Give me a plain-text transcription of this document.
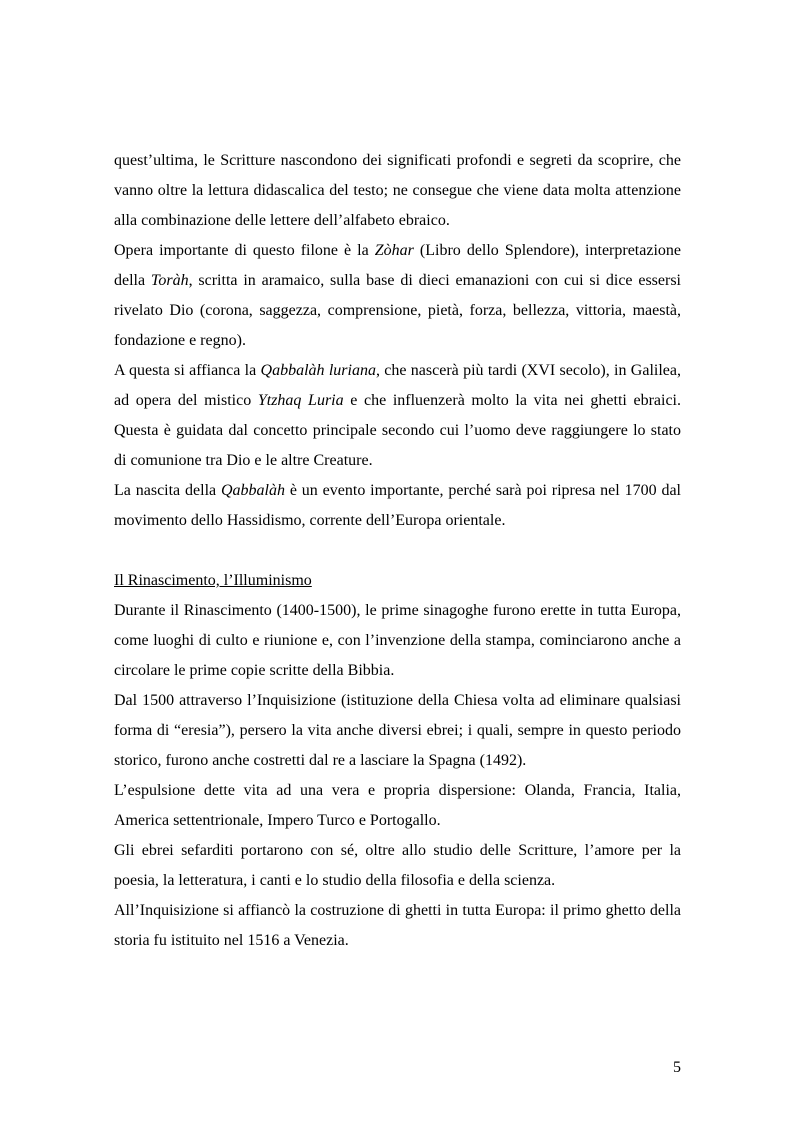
quest’ultima, le Scritture nascondono dei significati profondi e segreti da scoprire, che vanno oltre la lettura didascalica del testo; ne consegue che viene data molta attenzione alla combinazione delle lettere dell’alfabeto ebraico.

Opera importante di questo filone è la Zòhar (Libro dello Splendore), interpretazione della Toràh, scritta in aramaico, sulla base di dieci emanazioni con cui si dice essersi rivelato Dio (corona, saggezza, comprensione, pietà, forza, bellezza, vittoria, maestà, fondazione e regno).

A questa si affianca la Qabbalàh luriana, che nascerà più tardi (XVI secolo), in Galilea, ad opera del mistico Ytzhaq Luria e che influenzerà molto la vita nei ghetti ebraici. Questa è guidata dal concetto principale secondo cui l’uomo deve raggiungere lo stato di comunione tra Dio e le altre Creature.

La nascita della Qabbalàh è un evento importante, perché sarà poi ripresa nel 1700 dal movimento dello Hassidismo, corrente dell’Europa orientale.

Il Rinascimento, l’Illuminismo

Durante il Rinascimento (1400-1500), le prime sinagoghe furono erette in tutta Europa, come luoghi di culto e riunione e, con l’invenzione della stampa, cominciarono anche a circolare le prime copie scritte della Bibbia.

Dal 1500 attraverso l’Inquisizione (istituzione della Chiesa volta ad eliminare qualsiasi forma di “eresia”), persero la vita anche diversi ebrei; i quali, sempre in questo periodo storico, furono anche costretti dal re a lasciare la Spagna (1492).

L’espulsione dette vita ad una vera e propria dispersione: Olanda, Francia, Italia, America settentrionale, Impero Turco e Portogallo.

Gli ebrei sefarditi portarono con sé, oltre allo studio delle Scritture, l’amore per la poesia, la letteratura, i canti e lo studio della filosofia e della scienza.

All’Inquisizione si affiancò la costruzione di ghetti in tutta Europa: il primo ghetto della storia fu istituito nel 1516 a Venezia.

5
